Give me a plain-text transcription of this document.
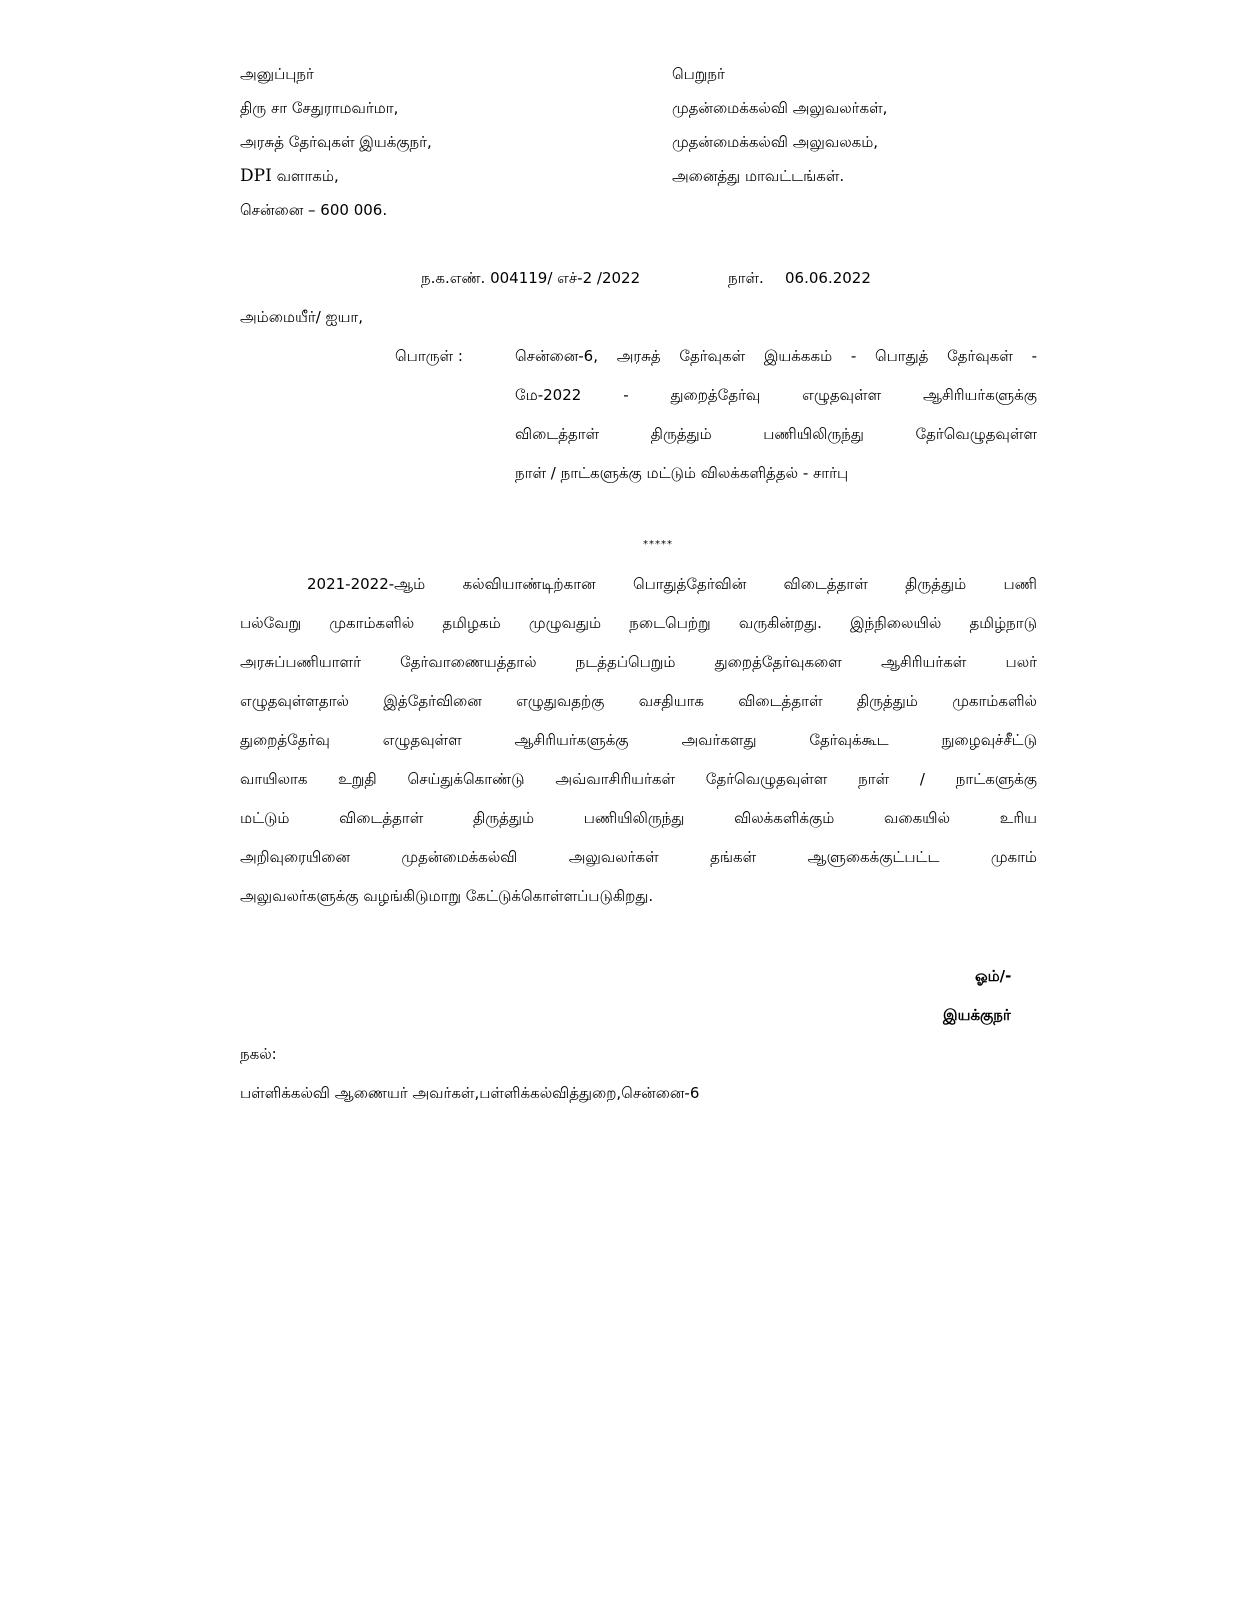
அனுப்புநர்
திரு சா சேதுராமவர்மா,
அரசுத் தேர்வுகள் இயக்குநர்,
DPI வளாகம்,
சென்னை – 600 006.
பெறுநர்
முதன்மைக்கல்வி அலுவலர்கள்,
முதன்மைக்கல்வி அலுவலகம்,
அனைத்து மாவட்டங்கள்.
ந.க.எண். 004119/ எச்-2 /2022	நாள். 06.06.2022
அம்மையீர்/ ஐயா,
பொருள் :	சென்னை-6, அரசுத் தேர்வுகள் இயக்ககம் - பொதுத் தேர்வுகள் -
மே-2022 - துறைத்தேர்வு எழுதவுள்ள ஆசிரியர்களுக்கு
விடைத்தாள் திருத்தும் பணியிலிருந்து தேர்வெழுதவுள்ள
நாள் / நாட்களுக்கு மட்டும் விலக்களித்தல் - சார்பு
*****
2021-2022-ஆம் கல்வியாண்டிற்கான பொதுத்தேர்வின் விடைத்தாள் திருத்தும் பணி
பல்வேறு முகாம்களில் தமிழகம் முழுவதும் நடைபெற்று வருகின்றது. இந்நிலையில் தமிழ்நாடு
அரசுப்பணியாளர் தேர்வாணையத்தால் நடத்தப்பெறும் துறைத்தேர்வுகளை ஆசிரியர்கள் பலர்
எழுதவுள்ளதால் இத்தேர்வினை எழுதுவதற்கு வசதியாக விடைத்தாள் திருத்தும் முகாம்களில்
துறைத்தேர்வு எழுதவுள்ள ஆசிரியர்களுக்கு அவர்களது தேர்வுக்கூட நுழைவுச்சீட்டு
வாயிலாக உறுதி செய்துக்கொண்டு அவ்வாசிரியர்கள் தேர்வெழுதவுள்ள நாள் / நாட்களுக்கு
மட்டும் விடைத்தாள் திருத்தும் பணியிலிருந்து விலக்களிக்கும் வகையில் உரிய
அறிவுரையினை முதன்மைக்கல்வி அலுவலர்கள் தங்கள் ஆளுகைக்குட்பட்ட முகாம்
அலுவலர்களுக்கு வழங்கிடுமாறு கேட்டுக்கொள்ளப்படுகிறது.
ஓம்/-
இயக்குநர்
நகல்:
பள்ளிக்கல்வி ஆணையர் அவர்கள்,பள்ளிக்கல்வித்துறை,சென்னை-6
